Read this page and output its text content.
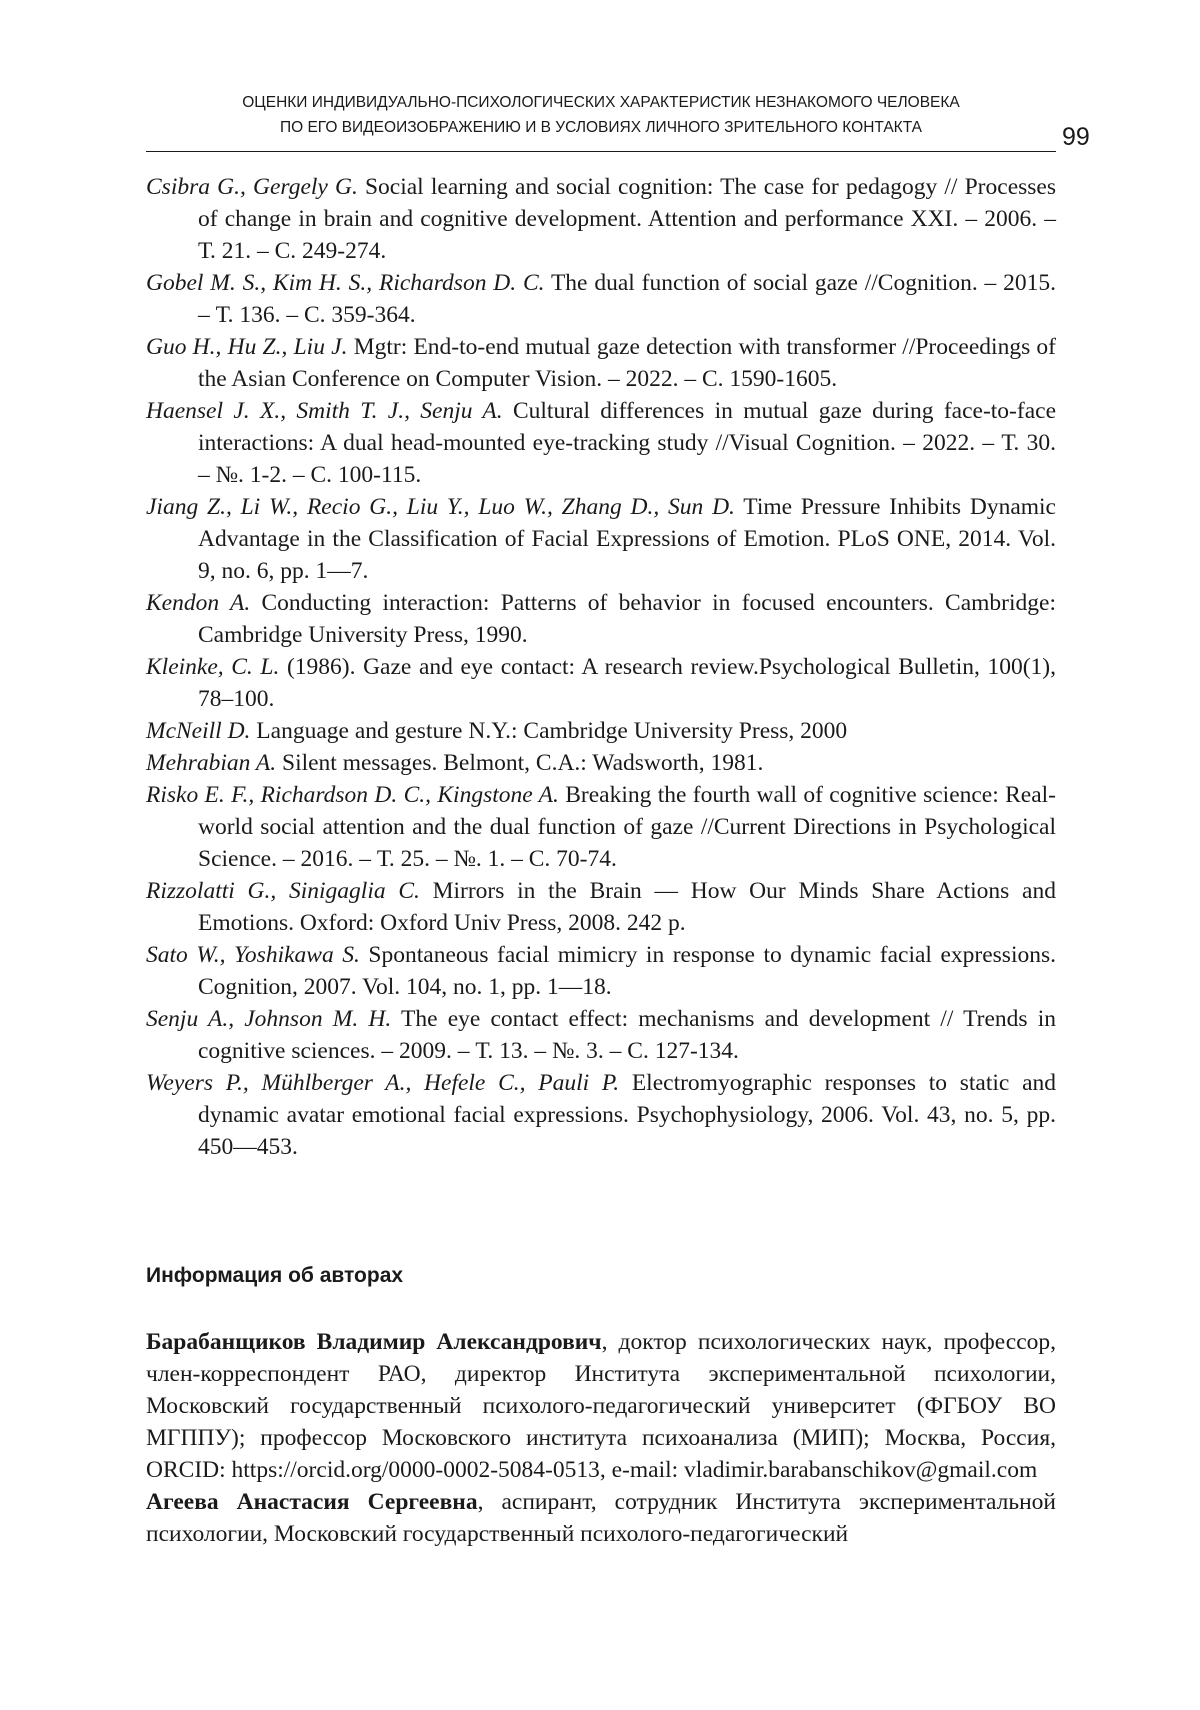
ОЦЕНКИ ИНДИВИДУАЛЬНО-ПСИХОЛОГИЧЕСКИХ ХАРАКТЕРИСТИК НЕЗНАКОМОГО ЧЕЛОВЕКА
ПО ЕГО ВИДЕОИЗОБРАЖЕНИЮ И В УСЛОВИЯХ ЛИЧНОГО ЗРИТЕЛЬНОГО КОНТАКТА	99
Csibra G., Gergely G. Social learning and social cognition: The case for pedagogy // Processes of change in brain and cognitive development. Attention and performance XXI. – 2006. – Т. 21. – С. 249-274.
Gobel M. S., Kim H. S., Richardson D. C. The dual function of social gaze //Cognition. – 2015. – Т. 136. – С. 359-364.
Guo H., Hu Z., Liu J. Mgtr: End-to-end mutual gaze detection with transformer //Proceedings of the Asian Conference on Computer Vision. – 2022. – С. 1590-1605.
Haensel J. X., Smith T. J., Senju A. Cultural differences in mutual gaze during face-to-face interactions: A dual head-mounted eye-tracking study //Visual Cognition. – 2022. – Т. 30. – №. 1-2. – С. 100-115.
Jiang Z., Li W., Recio G., Liu Y., Luo W., Zhang D., Sun D. Time Pressure Inhibits Dynamic Advantage in the Classification of Facial Expressions of Emotion. PLoS ONE, 2014. Vol. 9, no. 6, pp. 1—7.
Kendon A. Conducting interaction: Patterns of behavior in focused encounters. Cambridge: Cambridge University Press, 1990.
Kleinke, C. L. (1986). Gaze and eye contact: A research review.Psychological Bulletin, 100(1), 78–100.
McNeill D. Language and gesture N.Y.: Cambridge University Press, 2000
Mehrabian A. Silent messages. Belmont, C.A.: Wadsworth, 1981.
Risko E. F., Richardson D. C., Kingstone A. Breaking the fourth wall of cognitive science: Real-world social attention and the dual function of gaze //Current Directions in Psychological Science. – 2016. – Т. 25. – №. 1. – С. 70-74.
Rizzolatti G., Sinigaglia C. Mirrors in the Brain — How Our Minds Share Actions and Emotions. Oxford: Oxford Univ Press, 2008. 242 p.
Sato W., Yoshikawa S. Spontaneous facial mimicry in response to dynamic facial expressions. Cognition, 2007. Vol. 104, no. 1, pp. 1—18.
Senju A., Johnson M. H. The eye contact effect: mechanisms and development // Trends in cognitive sciences. – 2009. – Т. 13. – №. 3. – С. 127-134.
Weyers P., Mühlberger A., Hefele C., Pauli P. Electromyographic responses to static and dynamic avatar emotional facial expressions. Psychophysiology, 2006. Vol. 43, no. 5, pp. 450—453.
Информация об авторах

Барабанщиков Владимир Александрович, доктор психологических наук, профессор, член-корреспондент РАО, директор Института экспериментальной психологии, Московский государственный психолого-педагогический университет (ФГБОУ ВО МГППУ); профессор Московского института психоанализа (МИП); Москва, Россия, ORCID: https://orcid.org/0000-0002-5084-0513, e-mail: vladimir.barabanschikov@gmail.com

Агеева Анастасия Сергеевна, аспирант, сотрудник Института экспериментальной психологии, Московский государственный психолого-педагогический
